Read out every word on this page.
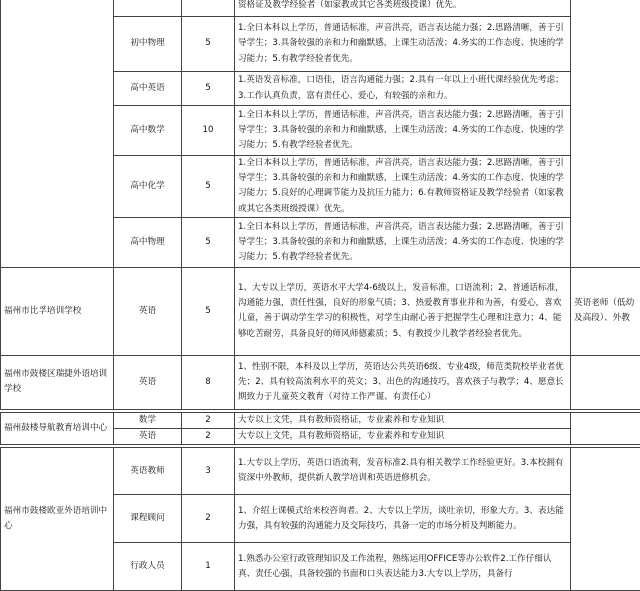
			资格证及教学经验者（如家教或其它各类班级授课）优先。	
	初中物理	5	1.全日本科以上学历，普通话标准，声音洪亮，语言表达能力强；2.思路清晰，善于引导学生；3.具备较强的亲和力和幽默感，上课生动活泼；4.务实的工作态度、快速的学习能力；5.有教学经验者优先。	
	高中英语	5	1.英语发音标准，口语佳，语言沟通能力强；2.具有一年以上小班代课经验优先考虑；3.工作认真负责，富有责任心、爱心，有较强的亲和力。	
	高中数学	10	1.全日本科以上学历，普通话标准，声音洪亮，语言表达能力强；2.思路清晰，善于引导学生；3.具备较强的亲和力和幽默感，上课生动活泼；4.务实的工作态度、快速的学习能力；5.有教学经验者优先。	
	高中化学	5	1.全日本科以上学历，普通话标准，声音洪亮，语言表达能力强；2.思路清晰，善于引导学生；3.具备较强的亲和力和幽默感，上课生动活泼；4.务实的工作态度、快速的学习能力；5.良好的心理调节能力及抗压力能力；6.有教师资格证及教学经验者（如家教或其它各类班级授课）优先。	
	高中物理	5	1.全日本科以上学历，普通话标准，声音洪亮，语言表达能力强；2.思路清晰，善于引导学生；3.具备较强的亲和力和幽默感，上课生动活泼；4.务实的工作态度、快速的学习能力；5.有教学经验者优先。	
福州市比孚培训学校	英语	5	1、大专以上学历，英语水平大学4-6级以上，发音标准，口语流利；2、普通话标准，沟通能力强，责任性强，良好的形象气质；3、热爱教育事业并和为善，有爱心，喜欢儿童，善于调动学生学习的积极性，对学生由耐心善于把握学生心理和注意力；4、能够吃苦耐劳，具备良好的师风师德素质；5、有教授少儿教学者经验者优先。	英语老师（低幼及高段）、外教
福州市鼓楼区瑞捷外语培训学校	英语	8	1、性别不限，本科及以上学历，英语达公共英语6级、专业4级，师范类院校毕业者优先；2、具有较高流利水平的英文；3、出色的沟通技巧，喜欢孩子与教学；4、愿意长期致力于儿童英文教育（对待工作严谨、有责任心）	

福州鼓楼导航教育培训中心	数学	2	大专以上文凭，具有教师资格证，专业素养和专业知识	
	英语	2	大专以上文凭，具有教师资格证，专业素养和专业知识	

福州市鼓楼欧亚外语培训中心	英语教师	3	1.大专以上学历，英语口语流利，发音标准2.具有相关教学工作经验更好。3.本校拥有资深中外教师，提供新人教学培训和英语进修机会。	
	课程顾问	2	1、介绍上课模式给来校咨询者。2、大专以上学历，谈吐亲切，形象大方。3、表达能力强，具有较强的沟通能力及交际技巧，具备一定的市场分析及判断能力。	
	行政人员	1	1.熟悉办公室行政管理知识及工作流程，熟练运用OFFICE等办公软件2.工作仔细认真、责任心强，具备较强的书面和口头表达能力3.大专以上学历，具备行	
